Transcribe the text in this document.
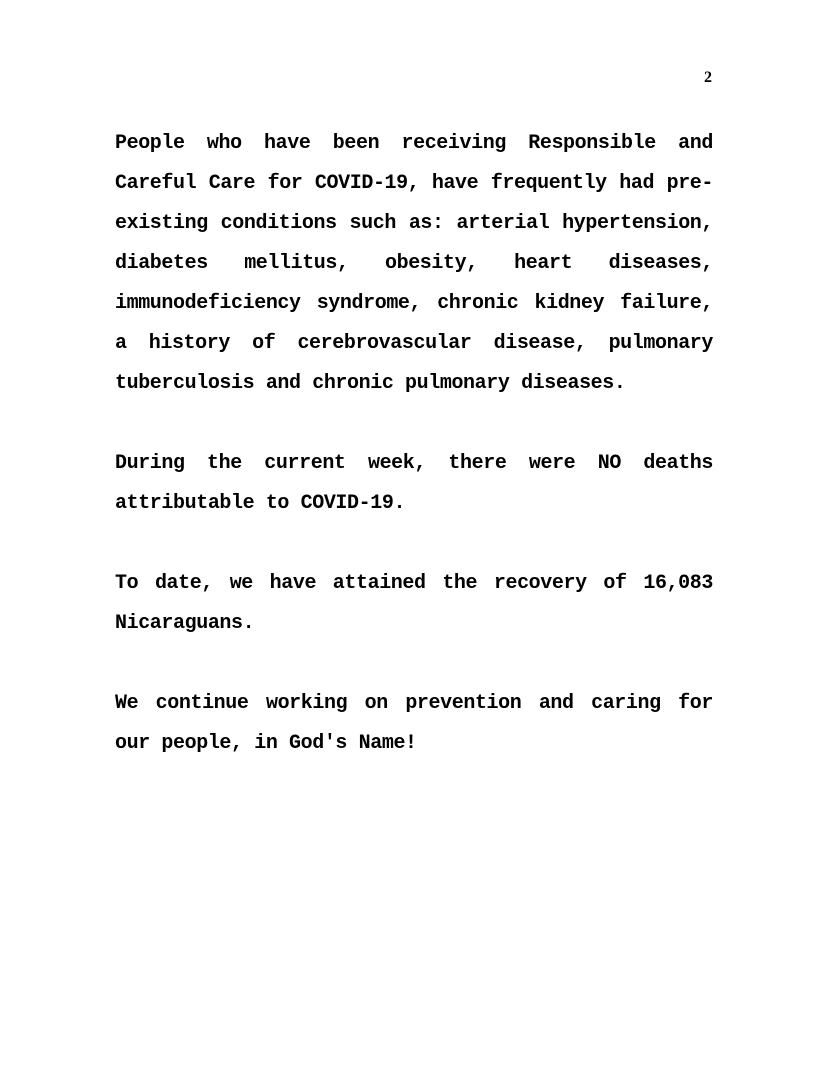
2

People who have been receiving Responsible and Careful Care for COVID-19, have frequently had pre-existing conditions such as: arterial hypertension, diabetes mellitus, obesity, heart diseases, immunodeficiency syndrome, chronic kidney failure, a history of cerebrovascular disease, pulmonary tuberculosis and chronic pulmonary diseases.

During the current week, there were NO deaths attributable to COVID-19.

To date, we have attained the recovery of 16,083 Nicaraguans.

We continue working on prevention and caring for our people, in God's Name!
